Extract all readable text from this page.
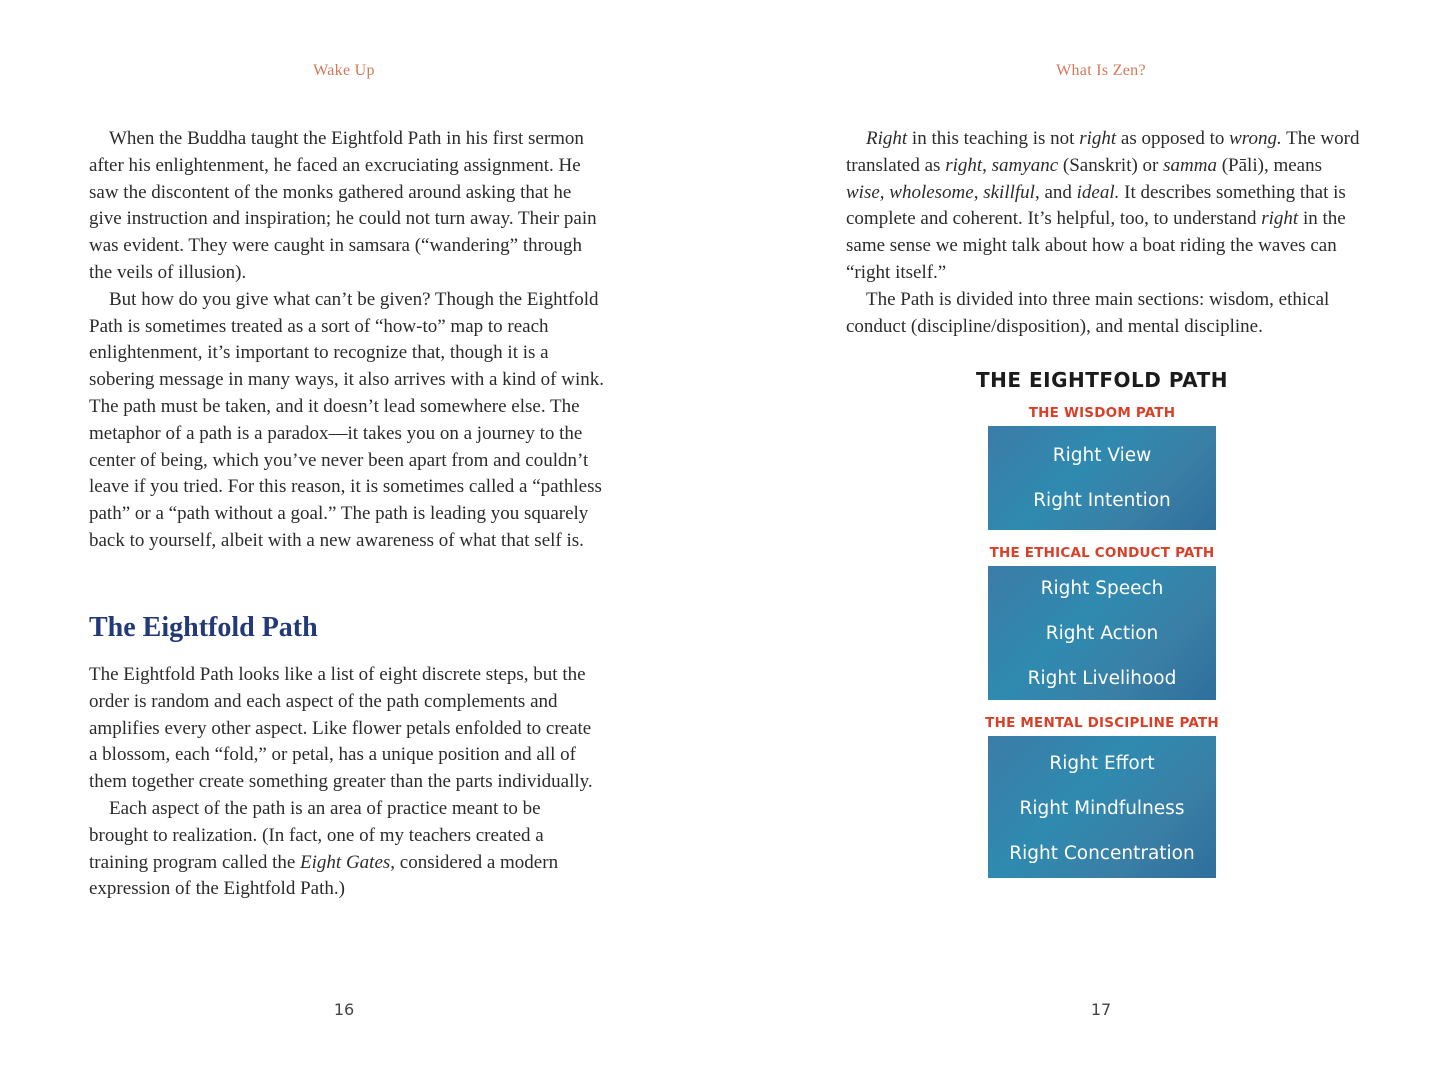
Wake Up

When the Buddha taught the Eightfold Path in his first sermon after his enlightenment, he faced an excruciating assignment. He saw the discontent of the monks gathered around asking that he give instruction and inspiration; he could not turn away. Their pain was evident. They were caught in samsara (“wandering” through the veils of illusion).

But how do you give what can’t be given? Though the Eightfold Path is sometimes treated as a sort of “how-to” map to reach enlightenment, it’s important to recognize that, though it is a sobering message in many ways, it also arrives with a kind of wink. The path must be taken, and it doesn’t lead somewhere else. The metaphor of a path is a paradox—it takes you on a journey to the center of being, which you’ve never been apart from and couldn’t leave if you tried. For this reason, it is sometimes called a “pathless path” or a “path without a goal.” The path is leading you squarely back to yourself, albeit with a new awareness of what that self is.

The Eightfold Path

The Eightfold Path looks like a list of eight discrete steps, but the order is random and each aspect of the path complements and amplifies every other aspect. Like flower petals enfolded to create a blossom, each “fold,” or petal, has a unique position and all of them together create something greater than the parts individually.

Each aspect of the path is an area of practice meant to be brought to realization. (In fact, one of my teachers created a training program called the Eight Gates, considered a modern expression of the Eightfold Path.)

16
What Is Zen?

Right in this teaching is not right as opposed to wrong. The word translated as right, samyanc (Sanskrit) or samma (Pāli), means wise, wholesome, skillful, and ideal. It describes something that is complete and coherent. It’s helpful, too, to understand right in the same sense we might talk about how a boat riding the waves can “right itself.”

The Path is divided into three main sections: wisdom, ethical conduct (discipline/disposition), and mental discipline.

THE EIGHTFOLD PATH
THE WISDOM PATH
Right View
Right Intention
THE ETHICAL CONDUCT PATH
Right Speech
Right Action
Right Livelihood
THE MENTAL DISCIPLINE PATH
Right Effort
Right Mindfulness
Right Concentration
17
